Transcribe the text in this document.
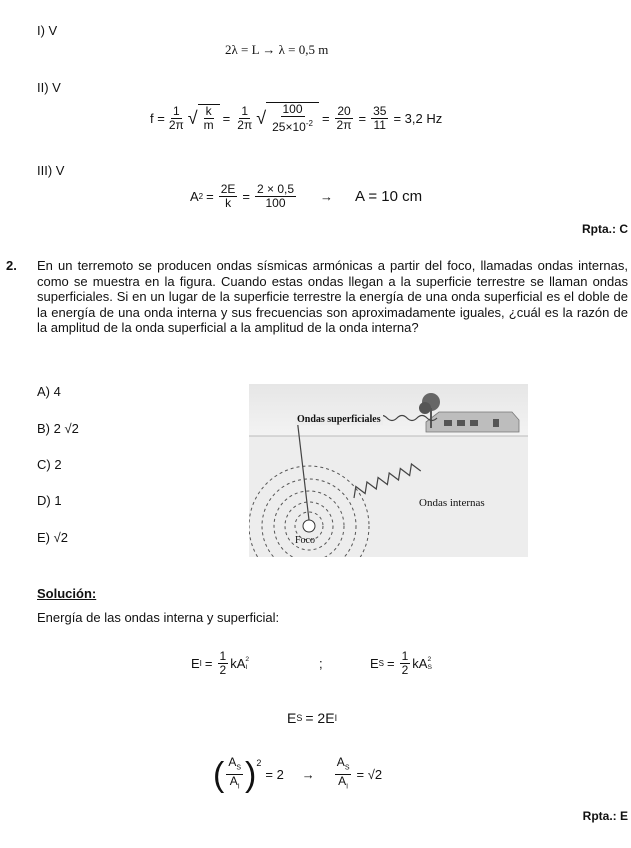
I) V
2λ = L → λ = 0,5 m
II) V
$f = \frac{1}{2\pi}$ √ $\frac{k}{m} = \frac{1}{2\pi}$ √ $\frac{100}{25\times 10^{-2}} = \frac{20}{2\pi} = \frac{35}{11} = 3,2$ Hz
III) V
A $2 = \frac{2E}{k} = \frac{2 \times 0,5}{100} \to A = 10$ cm
Rpta.: C
2. En un terremoto se producen ondas sísmicas armónicas a partir del foco, llamadas ondas internas, como se muestra en la figura. Cuando estas ondas llegan a la superficie terrestre se llaman ondas superficiales. Si en un lugar de la superficie terrestre la energía de una onda superficial es el doble de la energía de una onda interna y sus frecuencias son aproximadamente iguales, ¿cuál es la razón de la amplitud de la onda superficial a la amplitud de la onda interna?
A) 4
B) 2 √2
C) 2
D) 1
E) √2
Ondas superficiales
Ondas internas
Foco
Solución:
Energía de las ondas interna y superficial:
E $I = \frac{1}{2}$ kA 2
I	;	E $S = \frac{1}{2}$ kA 2
S
E S = 2E I
( $\frac{A_S}{A_I} )^2$
= $2 \to \frac{A_S}{A_I} = √2$
Rpta.: E
